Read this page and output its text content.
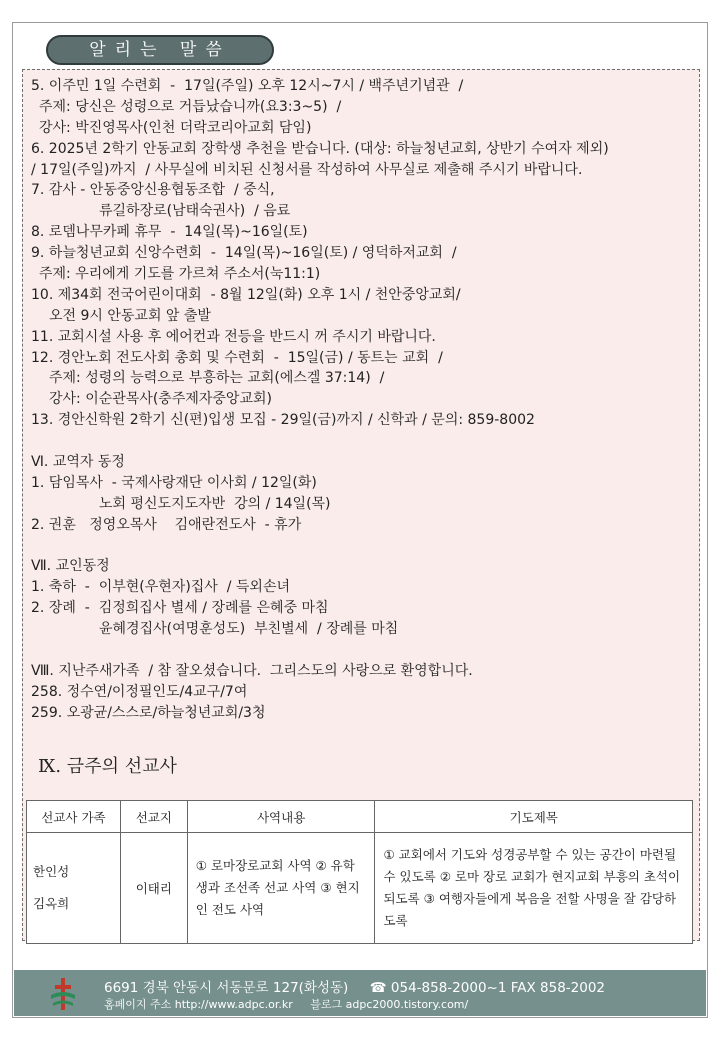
알리는 말씀
5. 이주민 1일 수련회  -  17일(주일) 오후 12시~7시 / 백주년기념관  /
주제: 당신은 성령으로 거듭났습니까(요3:3~5)  /
강사: 박진영목사(인천 더락코리아교회 담임)
6. 2025년 2학기 안동교회 장학생 추천을 받습니다. (대상: 하늘청년교회, 상반기 수여자 제외)
/ 17일(주일)까지  / 사무실에 비치된 신청서를 작성하여 사무실로 제출해 주시기 바랍니다.
7. 감사 - 안동중앙신용협동조합  / 중식,
류길하장로(남태숙권사)  / 음료
8. 로뎀나무카페 휴무  -  14일(목)~16일(토)
9. 하늘청년교회 신앙수련회  -  14일(목)~16일(토) / 영덕하저교회  /
주제: 우리에게 기도를 가르쳐 주소서(눅11:1)
10. 제34회 전국어린이대회  - 8월 12일(화) 오후 1시 / 천안중앙교회/
오전 9시 안동교회 앞 출발
11. 교회시설 사용 후 에어컨과 전등을 반드시 꺼 주시기 바랍니다.
12. 경안노회 전도사회 총회 및 수련회  -  15일(금) / 동트는 교회  /
주제: 성령의 능력으로 부흥하는 교회(에스겔 37:14)  /
강사: 이순관목사(충주제자중앙교회)
13. 경안신학원 2학기 신(편)입생 모집 - 29일(금)까지 / 신학과 / 문의: 859-8002
Ⅵ. 교역자 동정
1. 담임목사  - 국제사랑재단 이사회 / 12일(화)
노회 평신도지도자반  강의 / 14일(목)
2. 권훈   정영오목사    김애란전도사  - 휴가
Ⅶ. 교인동정
1. 축하  -  이부현(우현자)집사  / 득외손녀
2. 장례  -  김정희집사 별세 / 장례를 은혜중 마침
윤혜경집사(여명훈성도)  부친별세  / 장례를 마침
Ⅷ. 지난주새가족  / 참 잘오셨습니다.  그리스도의 사랑으로 환영합니다.
258. 정수연/이정필인도/4교구/7여
259. 오광균/스스로/하늘청년교회/3청
Ⅸ. 금주의 선교사
선교사 가족	선교지	사역내용	기도제목

한인성
김옥희	이태리	① 로마장로교회 사역 ② 유학생과 조선족 선교 사역 ③ 현지인 전도 사역	① 교회에서 기도와 성경공부할 수 있는 공간이 마련될 수 있도록 ② 로마 장로 교회가 현지교회 부흥의 초석이 되도록 ③ 여행자들에게 복음을 전할 사명을 잘 감당하도록
6691 경북 안동시 서동문로 127(화성동) ☎ 054-858-2000~1 FAX 858-2002
홈페이지 주소 http://www.adpc.or.kr 블로그 adpc2000.tistory.com/
